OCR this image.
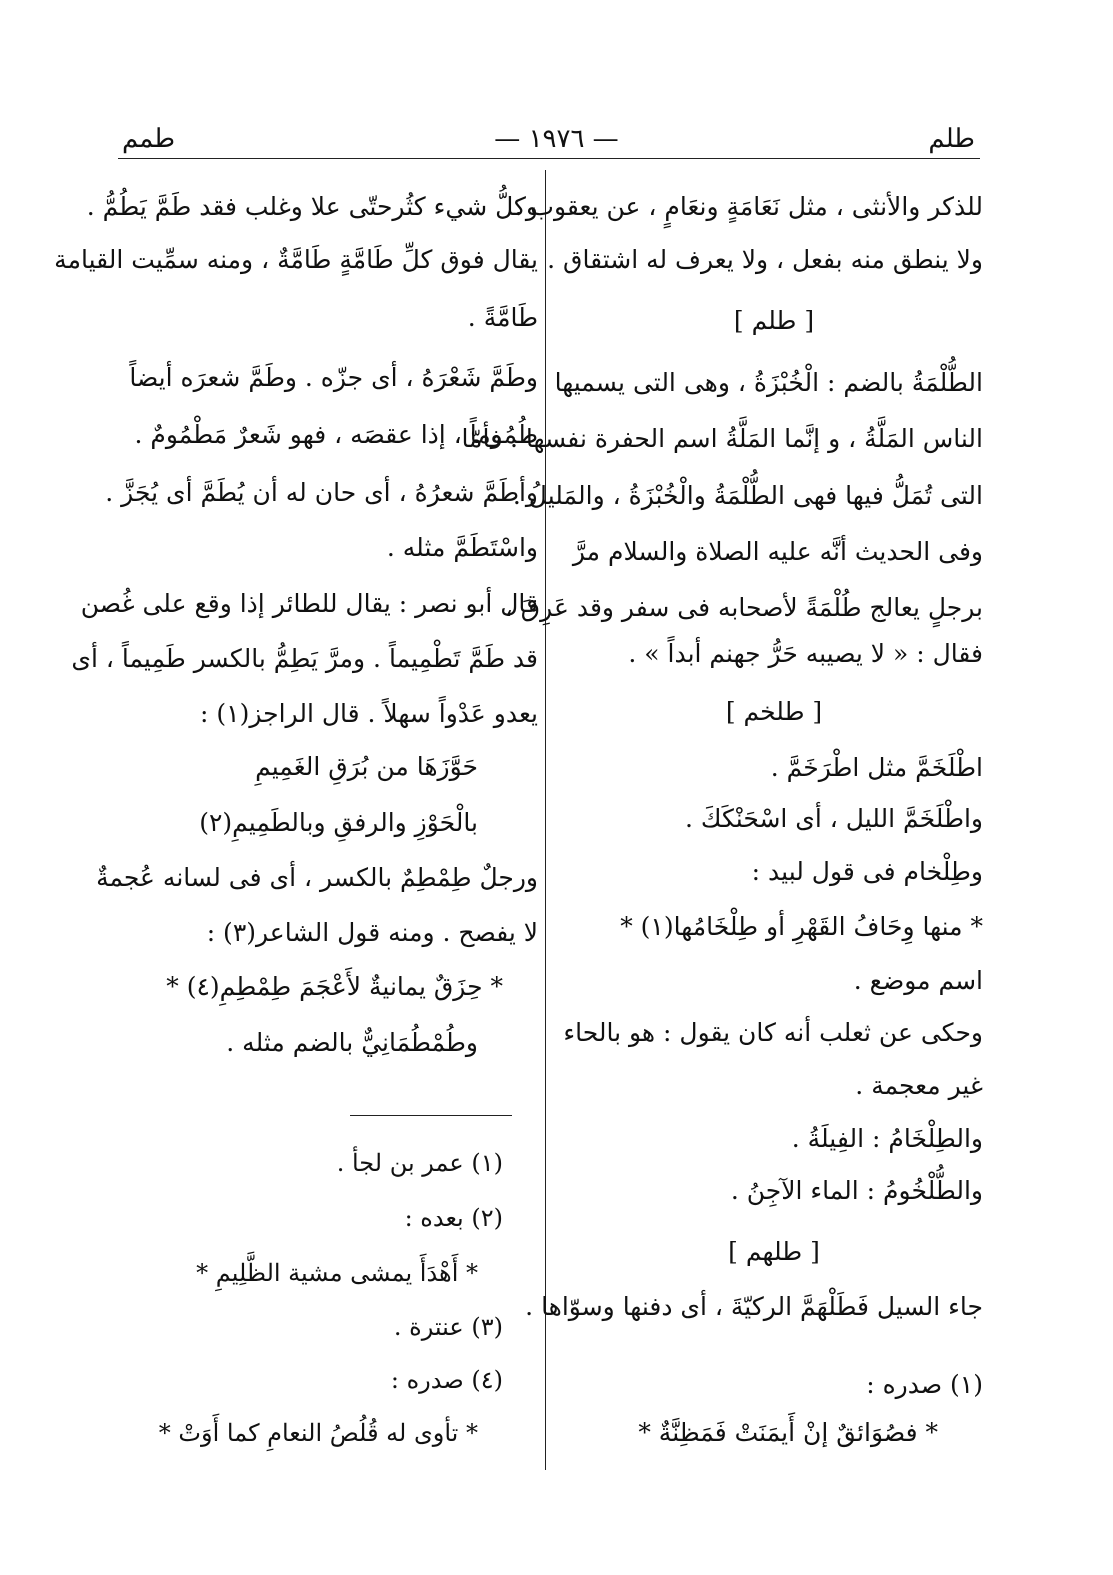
طمم	— ١٩٧٦ —	طلم
للذكر والأنثى ، مثل نَعَامَةٍ ونعَامٍ ، عن يعقوب .
ولا ينطق منه بفعل ، ولا يعرف له اشتقاق .
[ طلم ]
الطُّلْمَةُ بالضم : الْخُبْزَةُ ، وهى التى يسميها
الناس المَلَّةُ ، و إنَّما المَلَّةُ اسم الحفرة نفسها . فأمّا
التى تُمَلُّ فيها فهى الطُّلْمَةُ والْخُبْزَةُ ، والمَليلُ .
وفى الحديث أنَّه عليه الصلاة والسلام مرَّ
برجلٍ يعالج طُلْمَةً لأصحابه فى سفر وقد عَرِقَ ،
فقال : « لا يصيبه حَرُّ جهنم أبداً » .
[ طلخم ]
اطْلَخَمَّ مثل اطْرَخَمَّ .
واطْلَخَمَّ الليل ، أى اسْحَنْكَكَ .
وطِلْخام فى قول لبيد :
* منها وِحَافُ القَهْرِ أو طِلْخَامُها(١) *
اسم موضع .
وحكى عن ثعلب أنه كان يقول : هو بالحاء
غير معجمة .
والطِلْخَامُ : الفِيلَةُ .
والطُّلْخُومُ : الماء الآجِنُ .
[ طلهم ]
جاء السيل فَطَلْهَمَّ الركيّةَ ، أى دفنها وسوّاها .
(١) صدره :
* فصُوَائقٌ إنْ أَيمَنَتْ فَمَظِنَّةٌ *
وكلُّ شيء كثُرحتّى علا وغلب فقد طَمَّ يَطُمُّ .
يقال فوق كلِّ طَامَّةٍ طَامَّةٌ ، ومنه سمِّيت القيامة
طَامَّةً .
وطَمَّ شَعْرَهُ ، أى جزّه . وطَمَّ شعرَه أيضاً
طُمُوماً ، إذا عقصَه ، فهو شَعرٌ مَطْمُومٌ .
وأطَمَّ شعرُهُ ، أى حان له أن يُطَمَّ أى يُجَزَّ .
واسْتَطَمَّ مثله .
قال أبو نصر : يقال للطائر إذا وقع على غُصن
قد طَمَّ تَطْمِيماً . ومرَّ يَطِمُّ بالكسر طَمِيماً ، أى
يعدو عَدْواً سهلاً . قال الراجز(١) :
حَوَّزَهَا من بُرَقِ الغَمِيمِ
بالْحَوْزِ والرفقِ وبالطَمِيمِ(٢)
ورجلٌ طِمْطِمٌ بالكسر ، أى فى لسانه عُجمةٌ
لا يفصح . ومنه قول الشاعر(٣) :
* حِزَقٌ يمانيةٌ لأَعْجَمَ طِمْطِمِ(٤) *
وطُمْطُمَانِيٌّ بالضم مثله .
(١) عمر بن لجأ .
(٢) بعده :
* أَهْدَأَ يمشى مشية الظَّلِيمِ *
(٣) عنترة .
(٤) صدره :
* تأوى له قُلُصُ النعامِ كما أَوَتْ *
